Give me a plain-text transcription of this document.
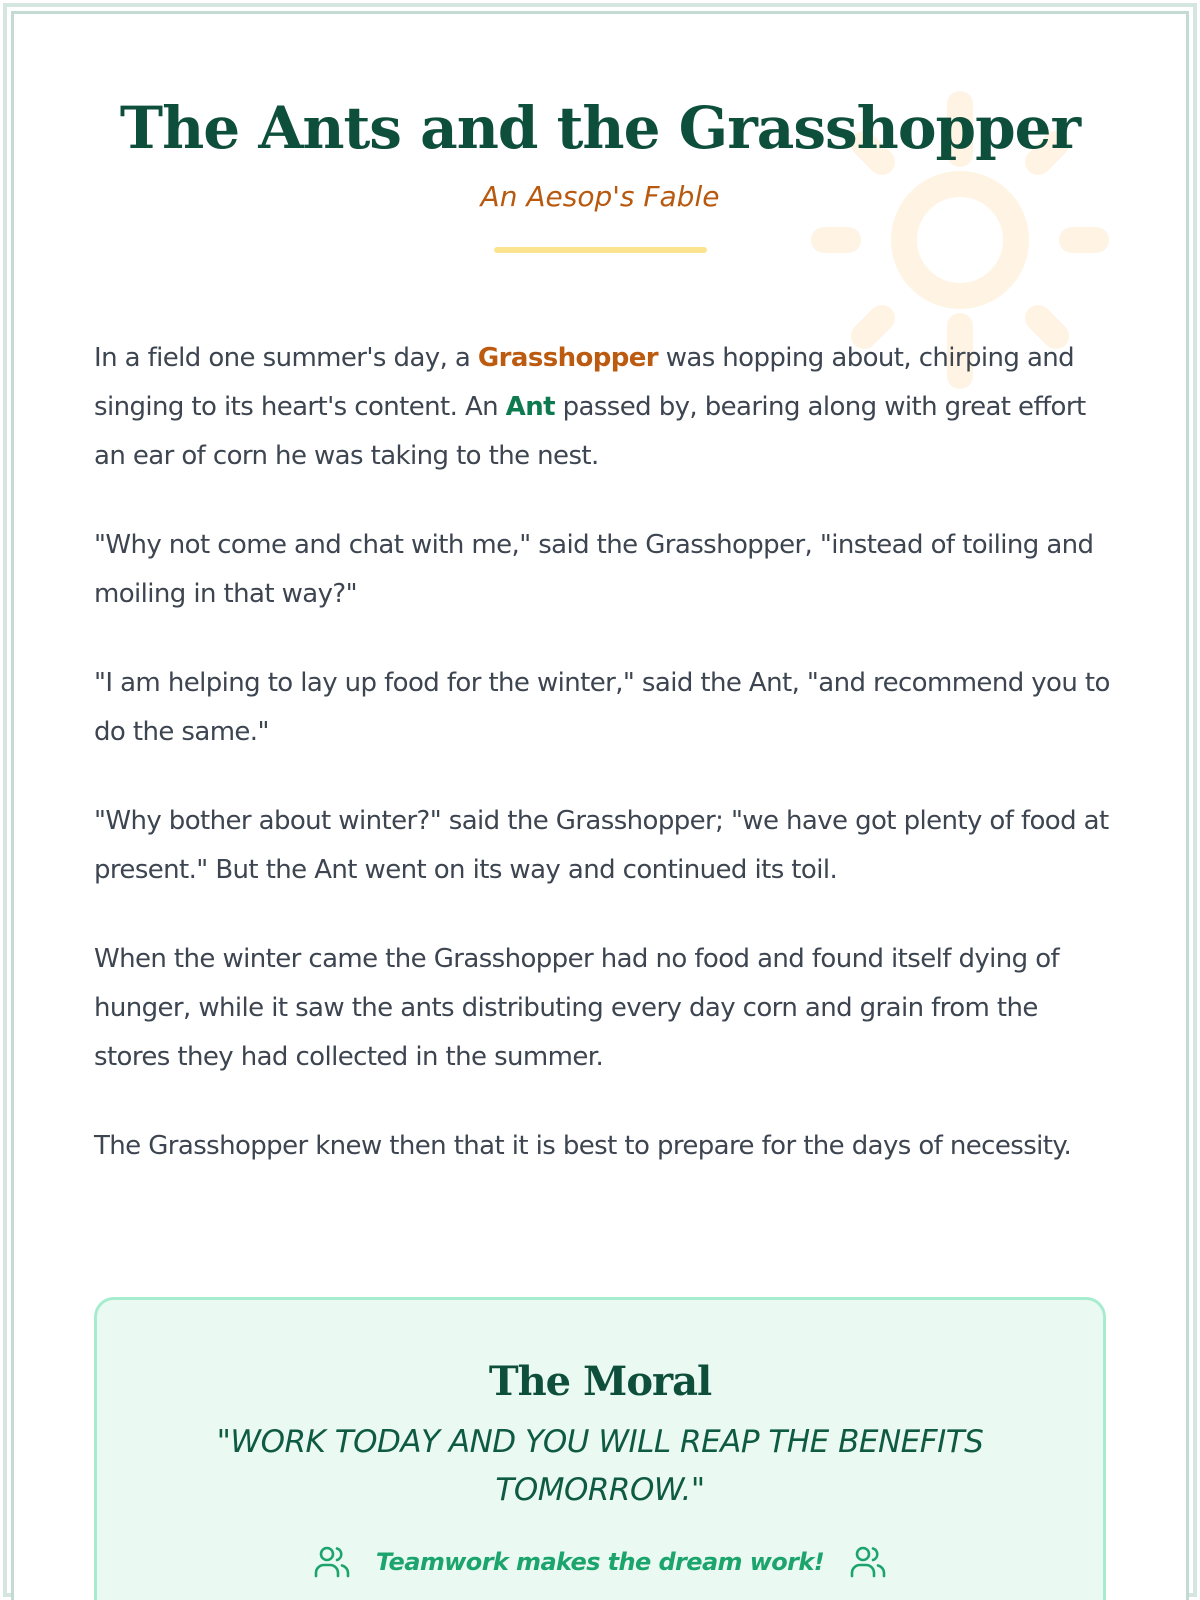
The Ants and the Grasshopper
An Aesop's Fable

In a field one summer's day, a Grasshopper was hopping about, chirping and singing to its heart's content. An Ant passed by, bearing along with great effort an ear of corn he was taking to the nest.

"Why not come and chat with me," said the Grasshopper, "instead of toiling and moiling in that way?"

"I am helping to lay up food for the winter," said the Ant, "and recommend you to do the same."

"Why bother about winter?" said the Grasshopper; "we have got plenty of food at present." But the Ant went on its way and continued its toil.

When the winter came the Grasshopper had no food and found itself dying of hunger, while it saw the ants distributing every day corn and grain from the stores they had collected in the summer.

The Grasshopper knew then that it is best to prepare for the days of necessity.

The Moral
"WORK TODAY AND YOU WILL REAP THE BENEFITS TOMORROW."
Teamwork makes the dream work!
